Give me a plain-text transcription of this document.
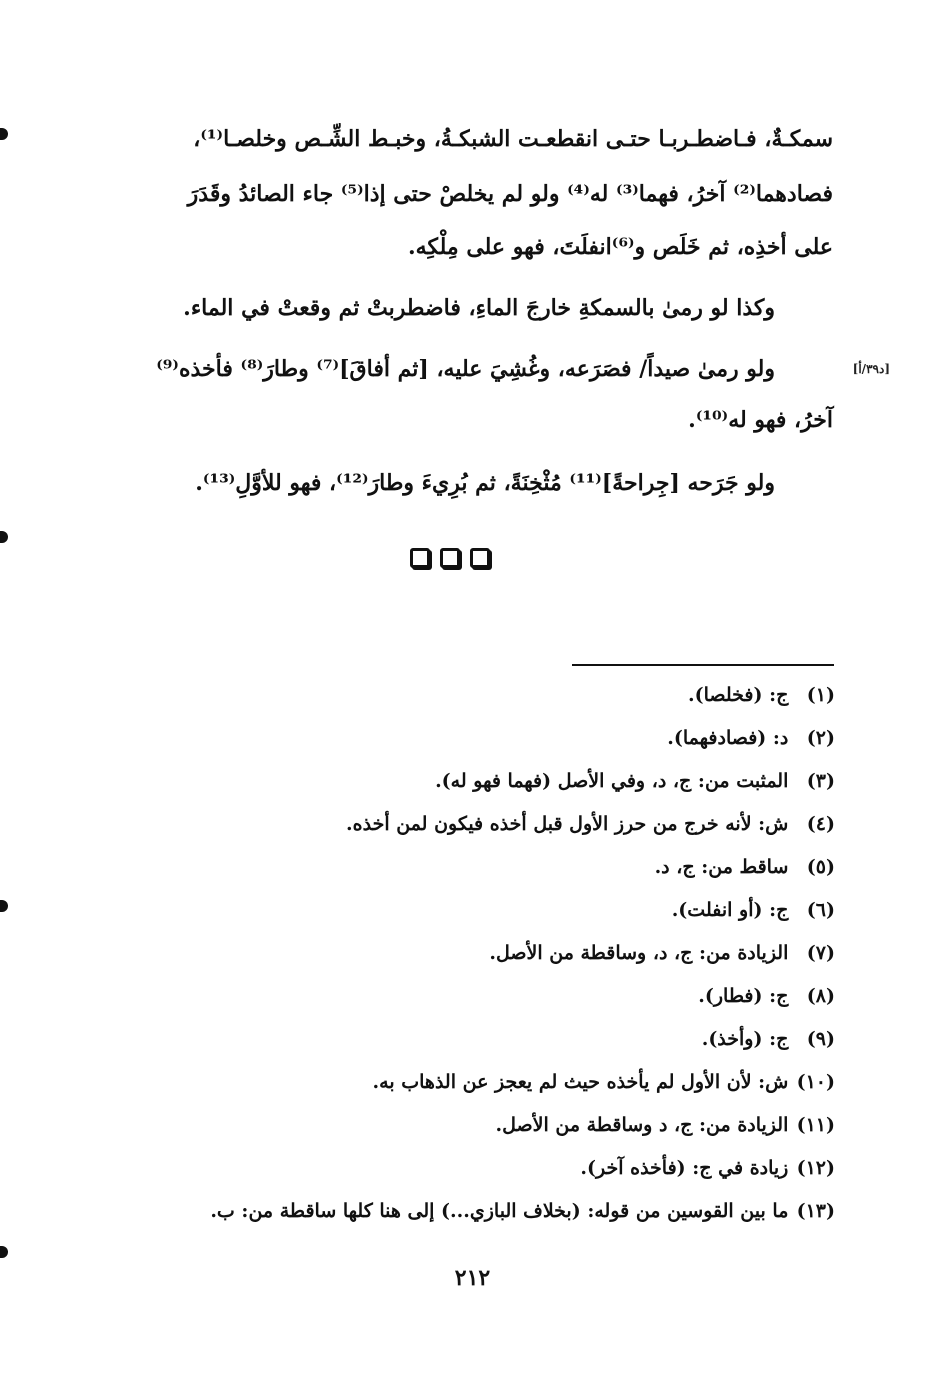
سمكـةٌ، فـاضطـربـا حتـى انقطعـت الشبكـةُ، وخبـط الشِّـص وخلصـا⁽¹⁾،
فصادهما⁽²⁾ آخرُ، فهما⁽³⁾ له⁽⁴⁾ ولو لم يخلصْ حتى إذا⁽⁵⁾ جاء الصائدُ وقَدَرَ
على أخذِه، ثم خَلَص و⁽⁶⁾انفلَتَ، فهو على مِلْكِه.
وكذا لو رمىٰ بالسمكةِ خارجَ الماءِ، فاضطربتْ ثم وقعتْ في الماء.
ولو رمىٰ صيداً/ فصَرَعه، وغُشِيَ عليه، [ثم أفاقَ]⁽⁷⁾ وطارَ⁽⁸⁾ فأخذه⁽⁹⁾
آخرُ، فهو له⁽¹⁰⁾.
ولو جَرَحه [جِراحةً]⁽¹¹⁾ مُثْخِنَةً، ثم بُرِيءَ وطارَ⁽¹²⁾، فهو للأوَّلِ⁽¹³⁾.
[د٣٩/أ]
(١) ج: (فخلصا).
(٢) د: (فصادفهما).
(٣) المثبت من: ج، د، وفي الأصل (فهما فهو له).
(٤) ش: لأنه خرج من حرز الأول قبل أخذه فيكون لمن أخذه.
(٥) ساقط من: ج، د.
(٦) ج: (أو انفلت).
(٧) الزيادة من: ج، د، وساقطة من الأصل.
(٨) ج: (فطار).
(٩) ج: (وأخذ).
(١٠) ش: لأن الأول لم يأخذه حيث لم يعجز عن الذهاب به.
(١١) الزيادة من: ج، د وساقطة من الأصل.
(١٢) زيادة في ج: (فأخذه آخر).
(١٣) ما بين القوسين من قوله: (بخلاف البازي...) إلى هنا كلها ساقطة من: ب.
٢١٢
